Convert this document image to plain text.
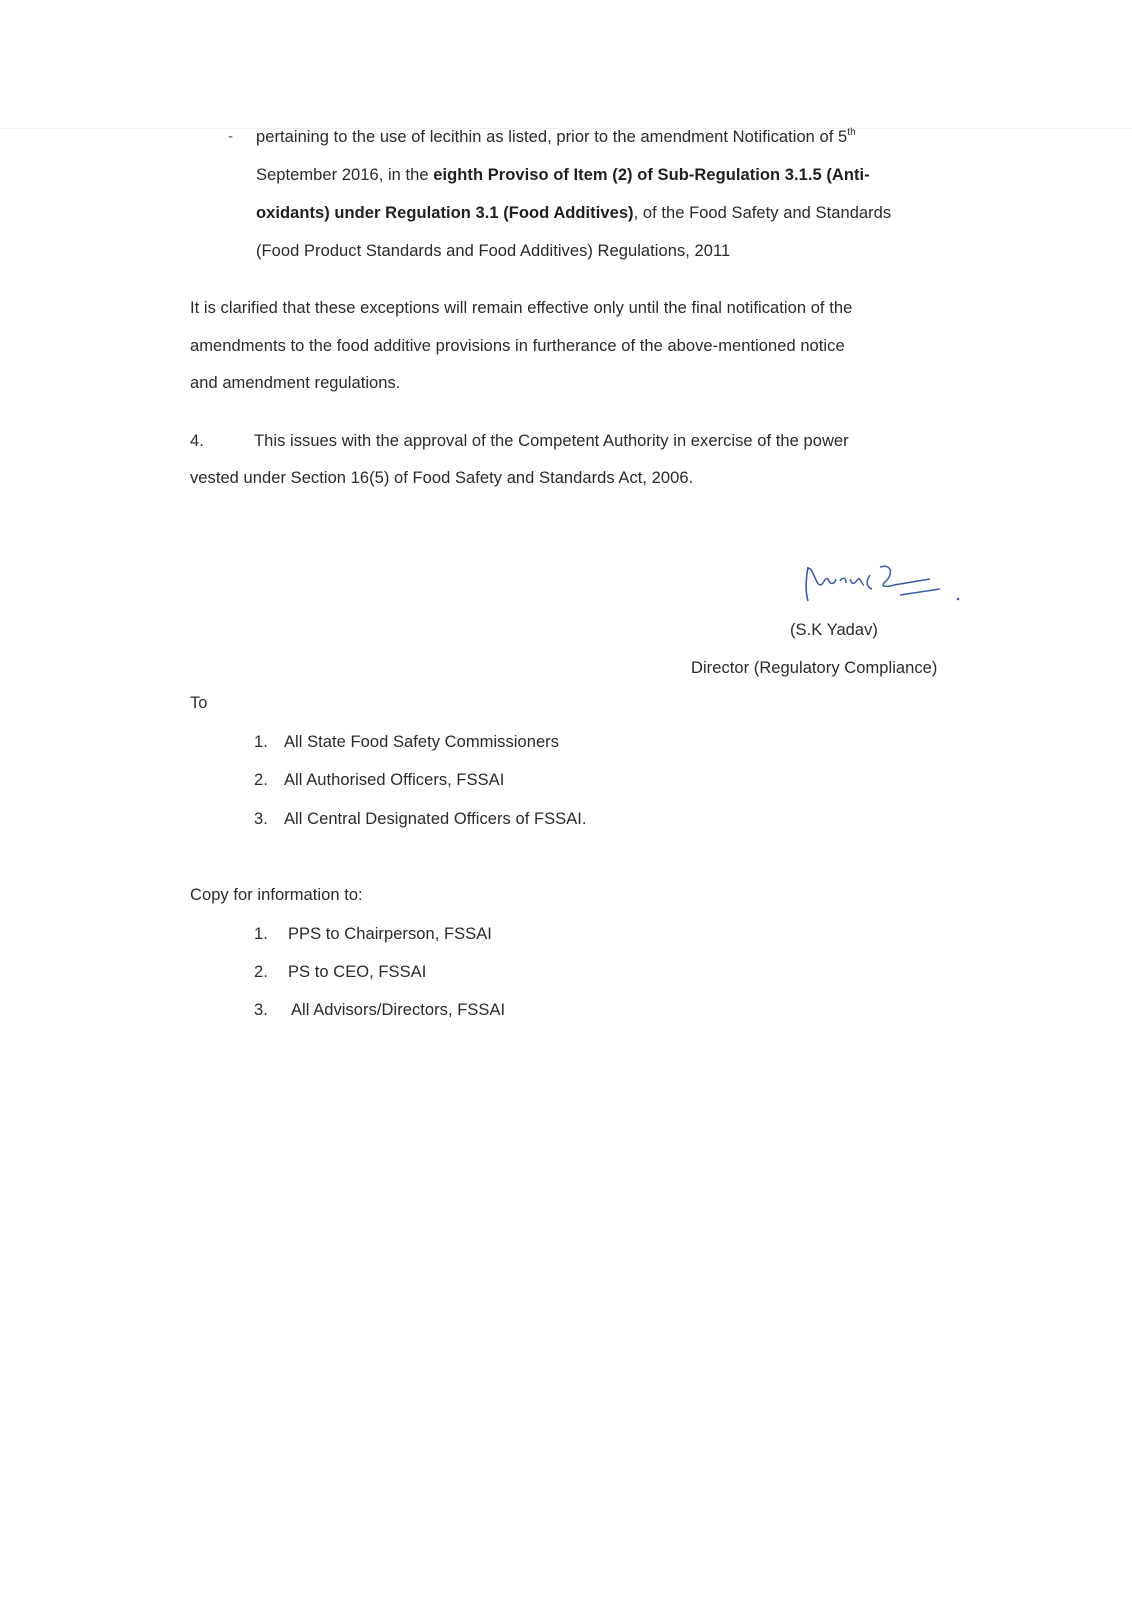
- pertaining to the use of lecithin as listed, prior to the amendment Notification of 5th
September 2016, in the eighth Proviso of Item (2) of Sub-Regulation 3.1.5 (Anti-
oxidants) under Regulation 3.1 (Food Additives), of the Food Safety and Standards
(Food Product Standards and Food Additives) Regulations, 2011
It is clarified that these exceptions will remain effective only until the final notification of the
amendments to the food additive provisions in furtherance of the above-mentioned notice
and amendment regulations.
4.	This issues with the approval of the Competent Authority in exercise of the power
vested under Section 16(5) of Food Safety and Standards Act, 2006.
(S.K Yadav)
Director (Regulatory Compliance)
To
1. All State Food Safety Commissioners
2. All Authorised Officers, FSSAI
3. All Central Designated Officers of FSSAI.
Copy for information to:
1. PPS to Chairperson, FSSAI
2. PS to CEO, FSSAI
3. All Advisors/Directors, FSSAI
